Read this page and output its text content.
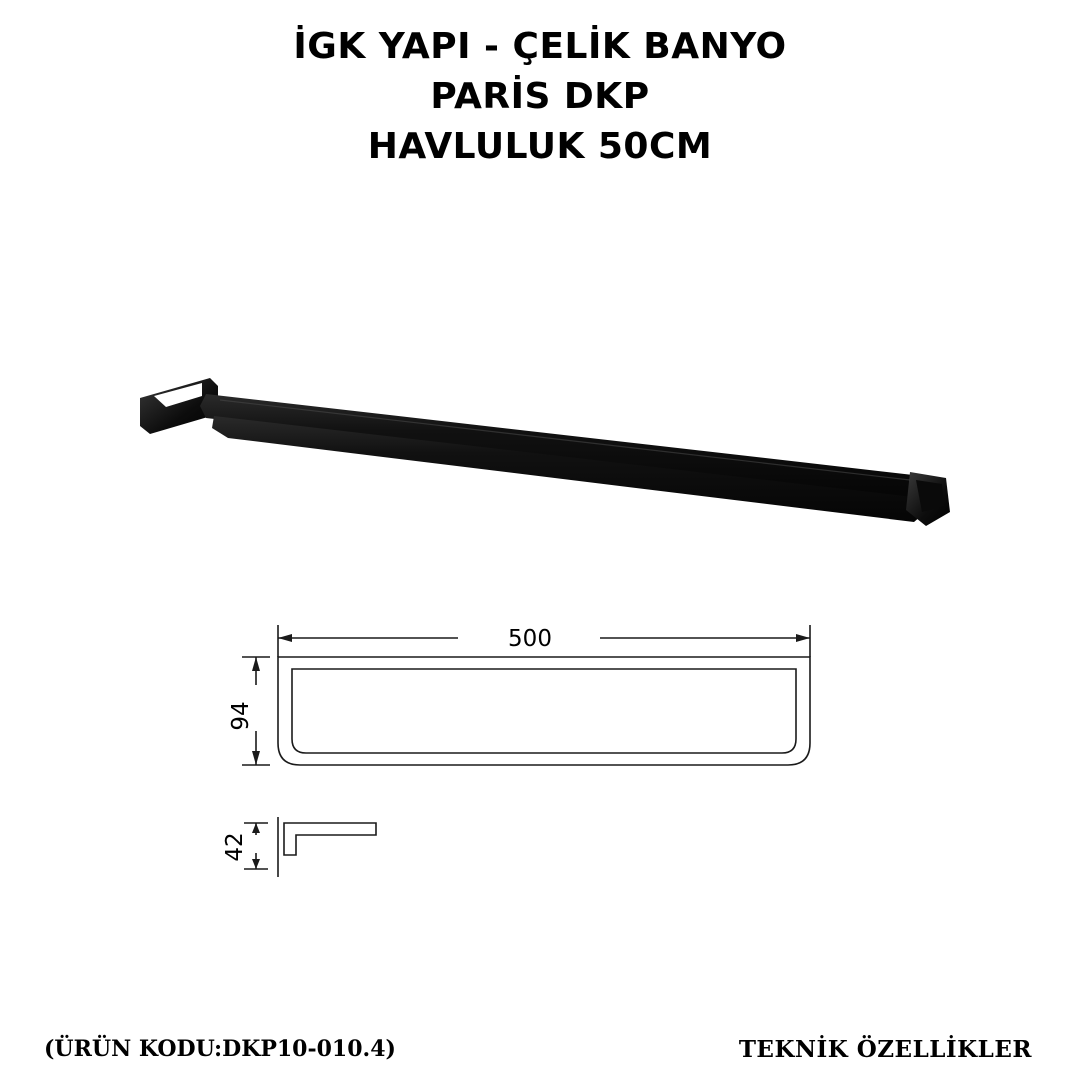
İGK YAPI - ÇELİK BANYO
PARİS DKP
HAVLULUK 50CM
500
94
42
(ÜRÜN KODU:DKP10-010.4)	TEKNİK ÖZELLİKLER
